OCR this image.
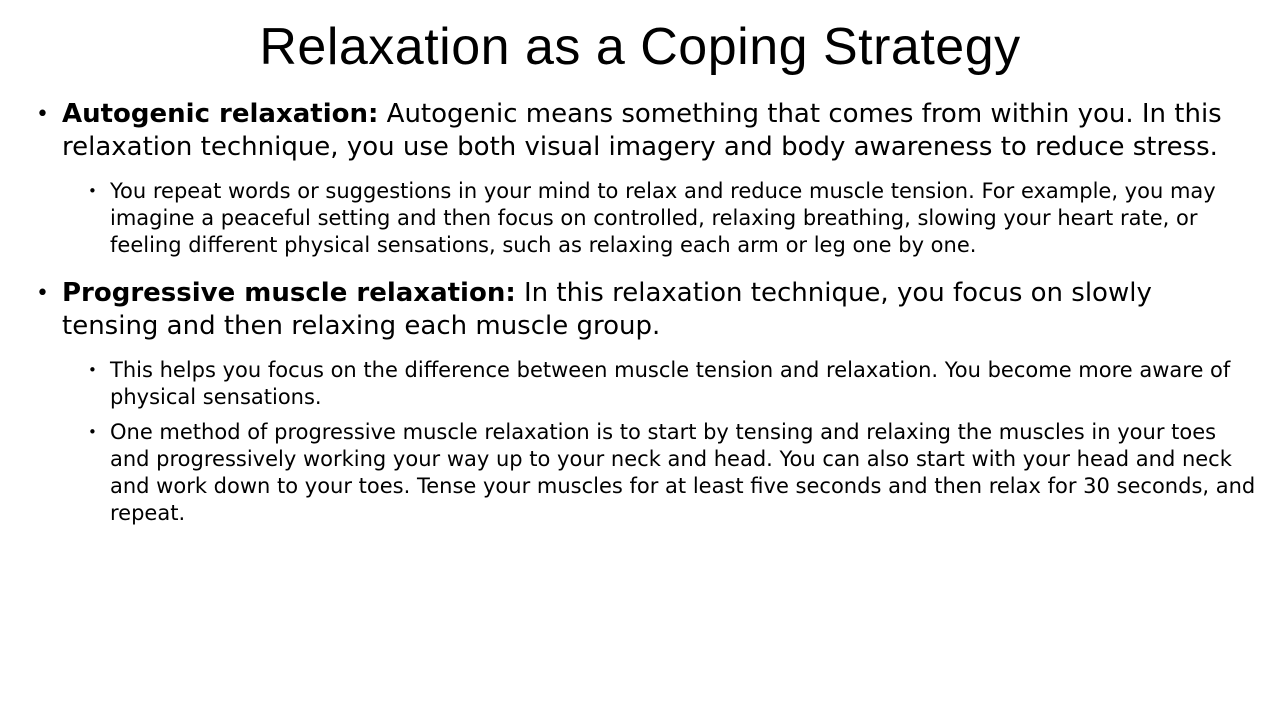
Relaxation as a Coping Strategy
• Autogenic relaxation: Autogenic means something that comes from within you. In this relaxation technique, you use both visual imagery and body awareness to reduce stress.
• You repeat words or suggestions in your mind to relax and reduce muscle tension. For example, you may imagine a peaceful setting and then focus on controlled, relaxing breathing, slowing your heart rate, or feeling different physical sensations, such as relaxing each arm or leg one by one.
• Progressive muscle relaxation: In this relaxation technique, you focus on slowly tensing and then relaxing each muscle group.
• This helps you focus on the difference between muscle tension and relaxation. You become more aware of physical sensations.
• One method of progressive muscle relaxation is to start by tensing and relaxing the muscles in your toes and progressively working your way up to your neck and head. You can also start with your head and neck and work down to your toes. Tense your muscles for at least five seconds and then relax for 30 seconds, and repeat.
